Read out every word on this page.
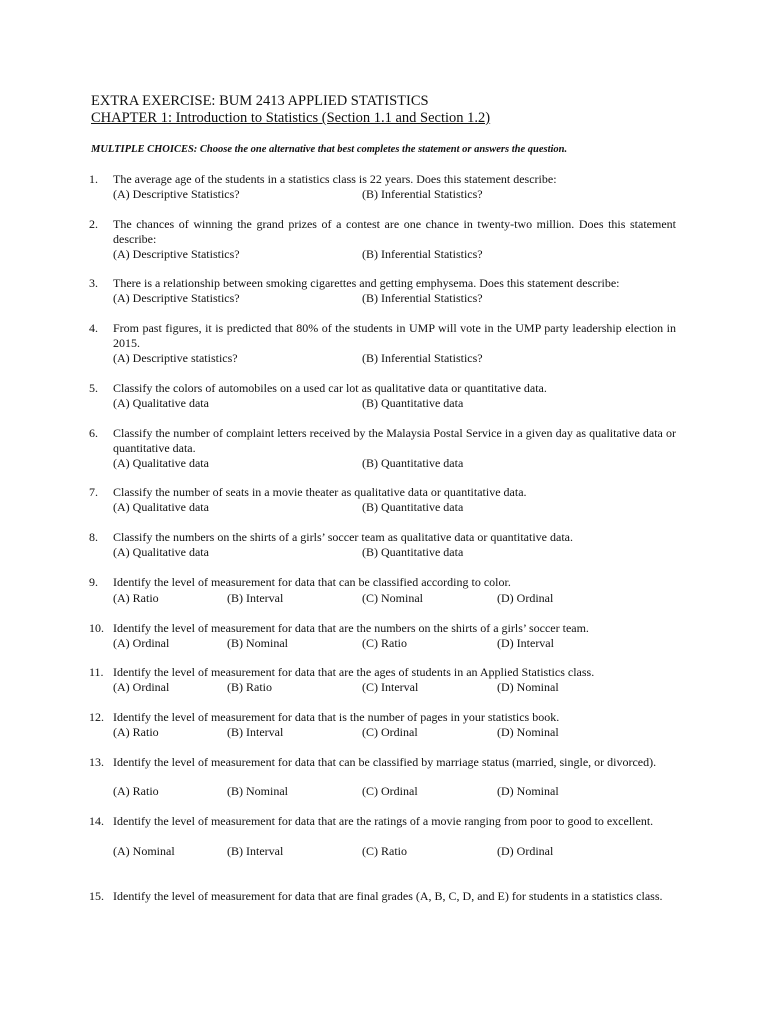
EXTRA EXERCISE: BUM 2413 APPLIED STATISTICS
CHAPTER 1: Introduction to Statistics (Section 1.1 and Section 1.2)
MULTIPLE CHOICES: Choose the one alternative that best completes the statement or answers the question.
1. The average age of the students in a statistics class is 22 years. Does this statement describe:
(A) Descriptive Statistics?	(B) Inferential Statistics?
2. The chances of winning the grand prizes of a contest are one chance in twenty-two million. Does this statement describe:
(A) Descriptive Statistics?	(B) Inferential Statistics?
3. There is a relationship between smoking cigarettes and getting emphysema. Does this statement describe:
(A) Descriptive Statistics?	(B) Inferential Statistics?
4. From past figures, it is predicted that 80% of the students in UMP will vote in the UMP party leadership election in 2015.
(A) Descriptive statistics?	(B) Inferential Statistics?
5. Classify the colors of automobiles on a used car lot as qualitative data or quantitative data.
(A) Qualitative data	(B) Quantitative data
6. Classify the number of complaint letters received by the Malaysia Postal Service in a given day as qualitative data or quantitative data.
(A) Qualitative data	(B) Quantitative data
7. Classify the number of seats in a movie theater as qualitative data or quantitative data.
(A) Qualitative data	(B) Quantitative data
8. Classify the numbers on the shirts of a girls’ soccer team as qualitative data or quantitative data.
(A) Qualitative data	(B) Quantitative data
9. Identify the level of measurement for data that can be classified according to color.
(A) Ratio	(B) Interval	(C) Nominal	(D) Ordinal
10. Identify the level of measurement for data that are the numbers on the shirts of a girls’ soccer team.
(A) Ordinal	(B) Nominal	(C) Ratio	(D) Interval
11. Identify the level of measurement for data that are the ages of students in an Applied Statistics class.
(A) Ordinal	(B) Ratio	(C) Interval	(D) Nominal
12. Identify the level of measurement for data that is the number of pages in your statistics book.
(A) Ratio	(B) Interval	(C) Ordinal	(D) Nominal
13. Identify the level of measurement for data that can be classified by marriage status (married, single, or divorced).
(A) Ratio	(B) Nominal	(C) Ordinal	(D) Nominal
14. Identify the level of measurement for data that are the ratings of a movie ranging from poor to good to excellent.
(A) Nominal	(B) Interval	(C) Ratio	(D) Ordinal
15. Identify the level of measurement for data that are final grades (A, B, C, D, and E) for students in a statistics class.
